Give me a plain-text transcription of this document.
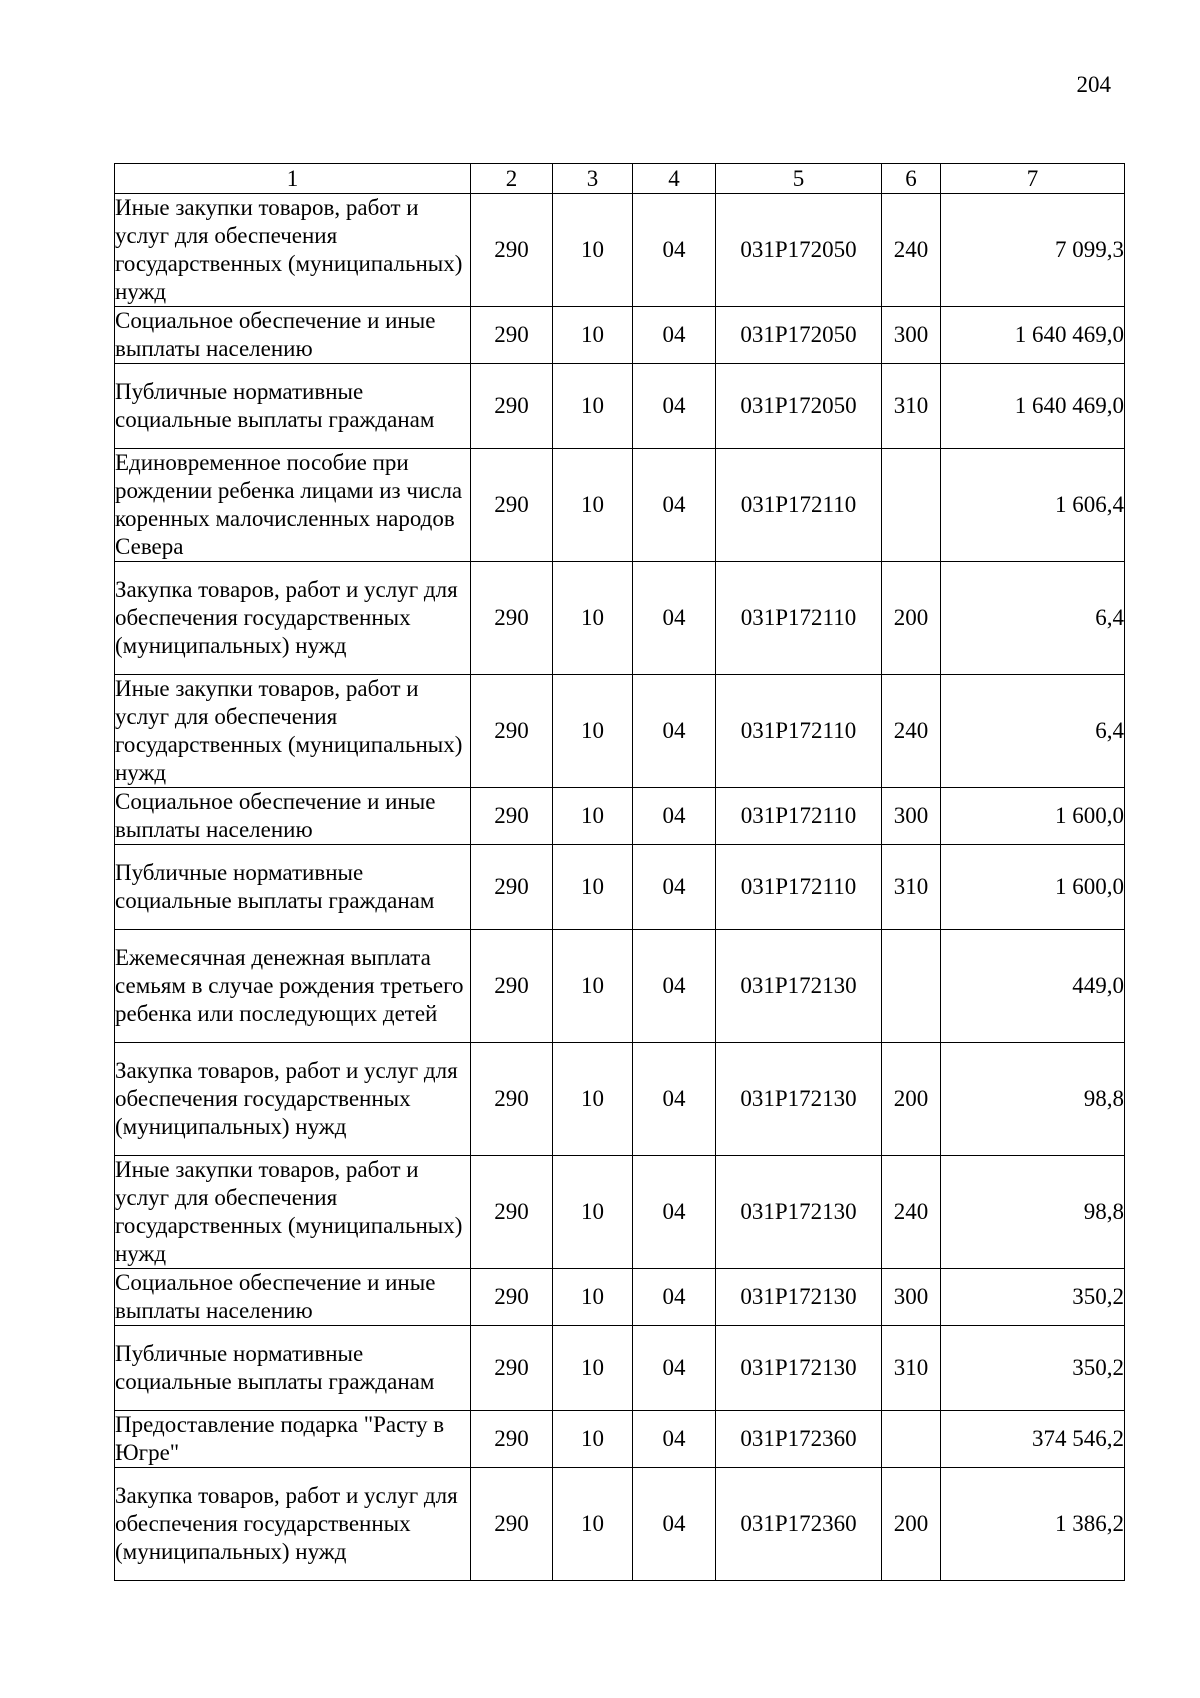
204
1	2	3	4	5	6	7
Иные закупки товаров, работ и услуг для обеспечения государственных (муниципальных) нужд	290	10	04	031Р172050	240	7 099,3
Социальное обеспечение и иные выплаты населению	290	10	04	031Р172050	300	1 640 469,0
Публичные нормативные социальные выплаты гражданам	290	10	04	031Р172050	310	1 640 469,0
Единовременное пособие при рождении ребенка лицами из числа коренных малочисленных народов Севера	290	10	04	031Р172110		1 606,4
Закупка товаров, работ и услуг для обеспечения государственных (муниципальных) нужд	290	10	04	031Р172110	200	6,4
Иные закупки товаров, работ и услуг для обеспечения государственных (муниципальных) нужд	290	10	04	031Р172110	240	6,4
Социальное обеспечение и иные выплаты населению	290	10	04	031Р172110	300	1 600,0
Публичные нормативные социальные выплаты гражданам	290	10	04	031Р172110	310	1 600,0
Ежемесячная денежная выплата семьям в случае рождения третьего ребенка или последующих детей	290	10	04	031Р172130		449,0
Закупка товаров, работ и услуг для обеспечения государственных (муниципальных) нужд	290	10	04	031Р172130	200	98,8
Иные закупки товаров, работ и услуг для обеспечения государственных (муниципальных) нужд	290	10	04	031Р172130	240	98,8
Социальное обеспечение и иные выплаты населению	290	10	04	031Р172130	300	350,2
Публичные нормативные социальные выплаты гражданам	290	10	04	031Р172130	310	350,2
Предоставление подарка "Расту в Югре"	290	10	04	031Р172360		374 546,2
Закупка товаров, работ и услуг для обеспечения государственных (муниципальных) нужд	290	10	04	031Р172360	200	1 386,2
